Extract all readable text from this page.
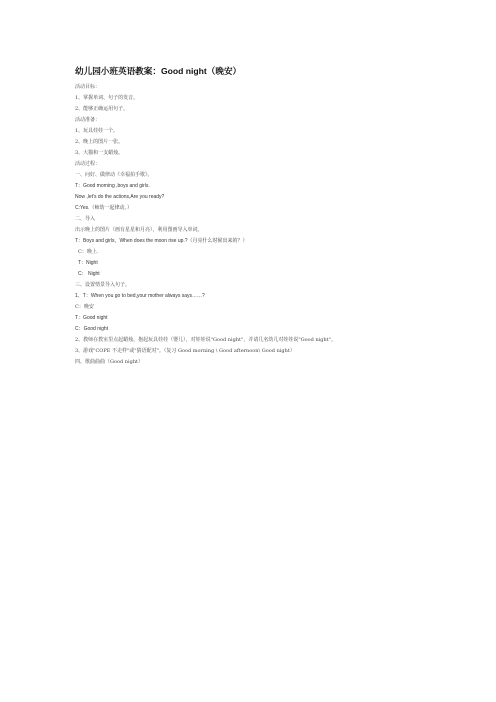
幼儿园小班英语教案：Good night（晚安）
活动目标：
1、掌握单词、句子的发音。
2、能够正确运用句子。
活动准备：
1、玩具娃娃一个。
2、晚上的图片一张。
3、大猫和一支蜡烛。
活动过程：
一、问好、做律动《幸福拍手歌》。
T：Good morning ,boys and girls.
Now ,let's do the actions,Are you ready?
C:Yes.（师幼一起律动。）
二、导入
出示晚上的图片（画有星星和月亮），利用图画导入单词。
T：Boys and girls，When does the moon rise up.?（月亮什么时候出来的？）
C：晚上.
T：Night
C： Night
三、设置情景导入句子。
1、T：When you go to bed,your mother always says……?
C：晚安
T：Good night
C：Good night
2、教师在教室里点起蜡烛，抱起玩具娃娃（婴儿），对娃娃说"Good night"，并请几名幼儿对娃娃说"Good night"。
3、游戏"COPE 不走样"或"猜语配对"。（复习 Good morning \ Good afternoon\ Good night）
四、歌曲曲曲（Good night）
